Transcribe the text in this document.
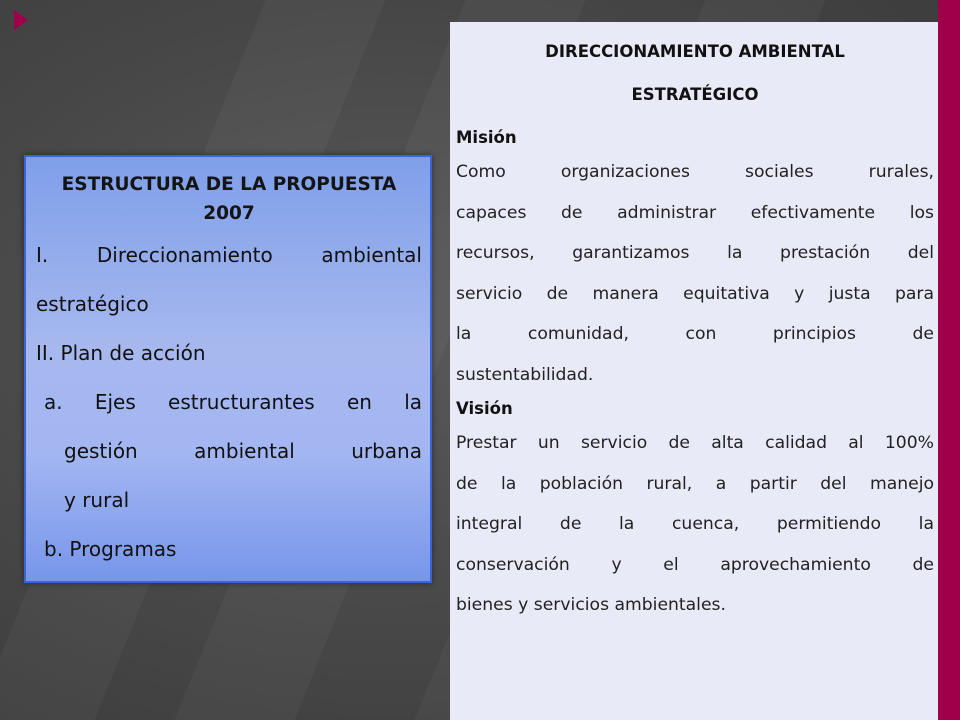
ESTRUCTURA DE LA PROPUESTA

2007

I. Direccionamiento ambiental

estratégico

II. Plan de acción

a. Ejes estructurantes en la

gestión ambiental urbana

y rural

b. Programas

DIRECCIONAMIENTO AMBIENTAL

ESTRATÉGICO

Misión

Como organizaciones sociales rurales,
capaces de administrar efectivamente los
recursos, garantizamos la prestación del
servicio de manera equitativa y justa para
la comunidad, con principios de
sustentabilidad.

Visión

Prestar un servicio de alta calidad al 100%
de la población rural, a partir del manejo
integral de la cuenca, permitiendo la
conservación y el aprovechamiento de
bienes y servicios ambientales.
